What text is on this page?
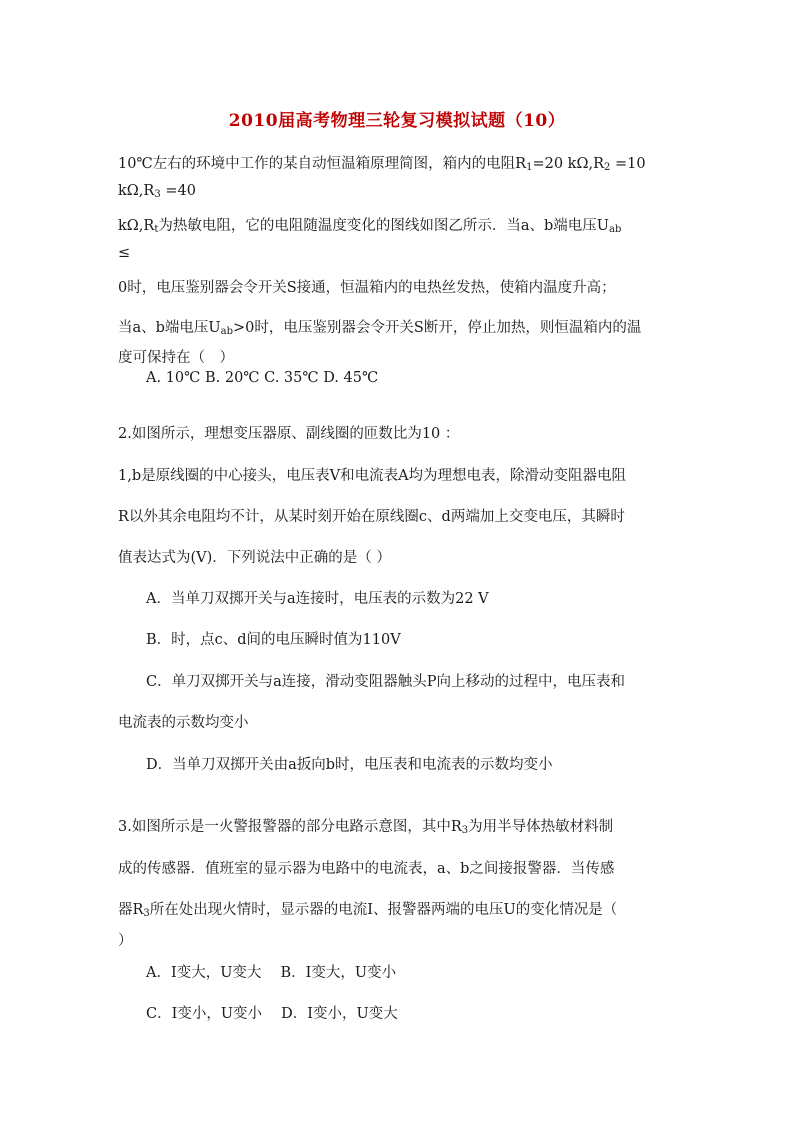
2010届高考物理三轮复习模拟试题（10）
10℃左右的环境中工作的某自动恒温箱原理简图，箱内的电阻$R_1=20$ $k\Omega,R_2 =10$
$k\Omega,R_3 =40$
$k\Omega,R_t$为热敏电阻，它的电阻随温度变化的图线如图乙所示．当a、b端电压$U_{ab}$
≤
0时，电压鉴别器会令开关S接通，恒温箱内的电热丝发热，使箱内温度升高；
当a、b端电压$U_{ab}>0$时，电压鉴别器会令开关S断开，停止加热，则恒温箱内的温
度可保持在（　）
A. 10℃ B. 20℃ C. 35℃ D. 45℃
2.如图所示，理想变压器原、副线圈的匝数比为10 ：
1,b是原线圈的中心接头，电压表V和电流表A均为理想电表，除滑动变阻器电阻
R以外其余电阻均不计，从某时刻开始在原线圈c、d两端加上交变电压，其瞬时
值表达式为(V)．下列说法中正确的是（ ）
A．当单刀双掷开关与a连接时，电压表的示数为22 V
B．时，点c、d间的电压瞬时值为110V
C．单刀双掷开关与a连接，滑动变阻器触头P向上移动的过程中，电压表和
电流表的示数均变小
D．当单刀双掷开关由a扳向b时，电压表和电流表的示数均变小
3.如图所示是一火警报警器的部分电路示意图，其中$R_3$为用半导体热敏材料制
成的传感器．值班室的显示器为电路中的电流表，a、b之间接报警器．当传感
器$R_3$所在处出现火情时，显示器的电流I、报警器两端的电压U的变化情况是（
）
A．I变大，U变大　 B．I变大，U变小
C．I变小，U变小　 D．I变小，U变大
